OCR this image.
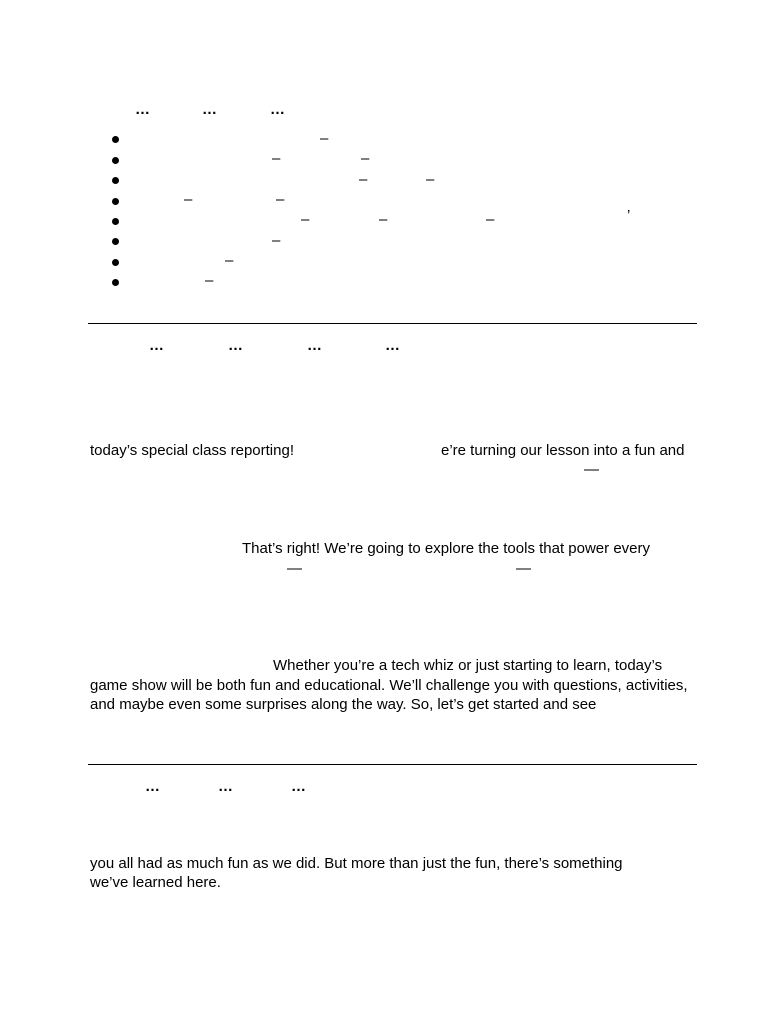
…	…	…
–
–	–
–	–
–	–
–	–	–	’
–
–
–
…	…	…	…
today’s special class reporting!	e’re turning our lesson into a fun and
—
That’s right! We’re going to explore the tools that power every
—	—
Whether you’re a tech whiz or just starting to learn, today’s
game show will be both fun and educational. We’ll challenge you with questions, activities,
and maybe even some surprises along the way. So, let’s get started and see
…	…	…
you all had as much fun as we did. But more than just the fun, there’s something
we’ve learned here.
